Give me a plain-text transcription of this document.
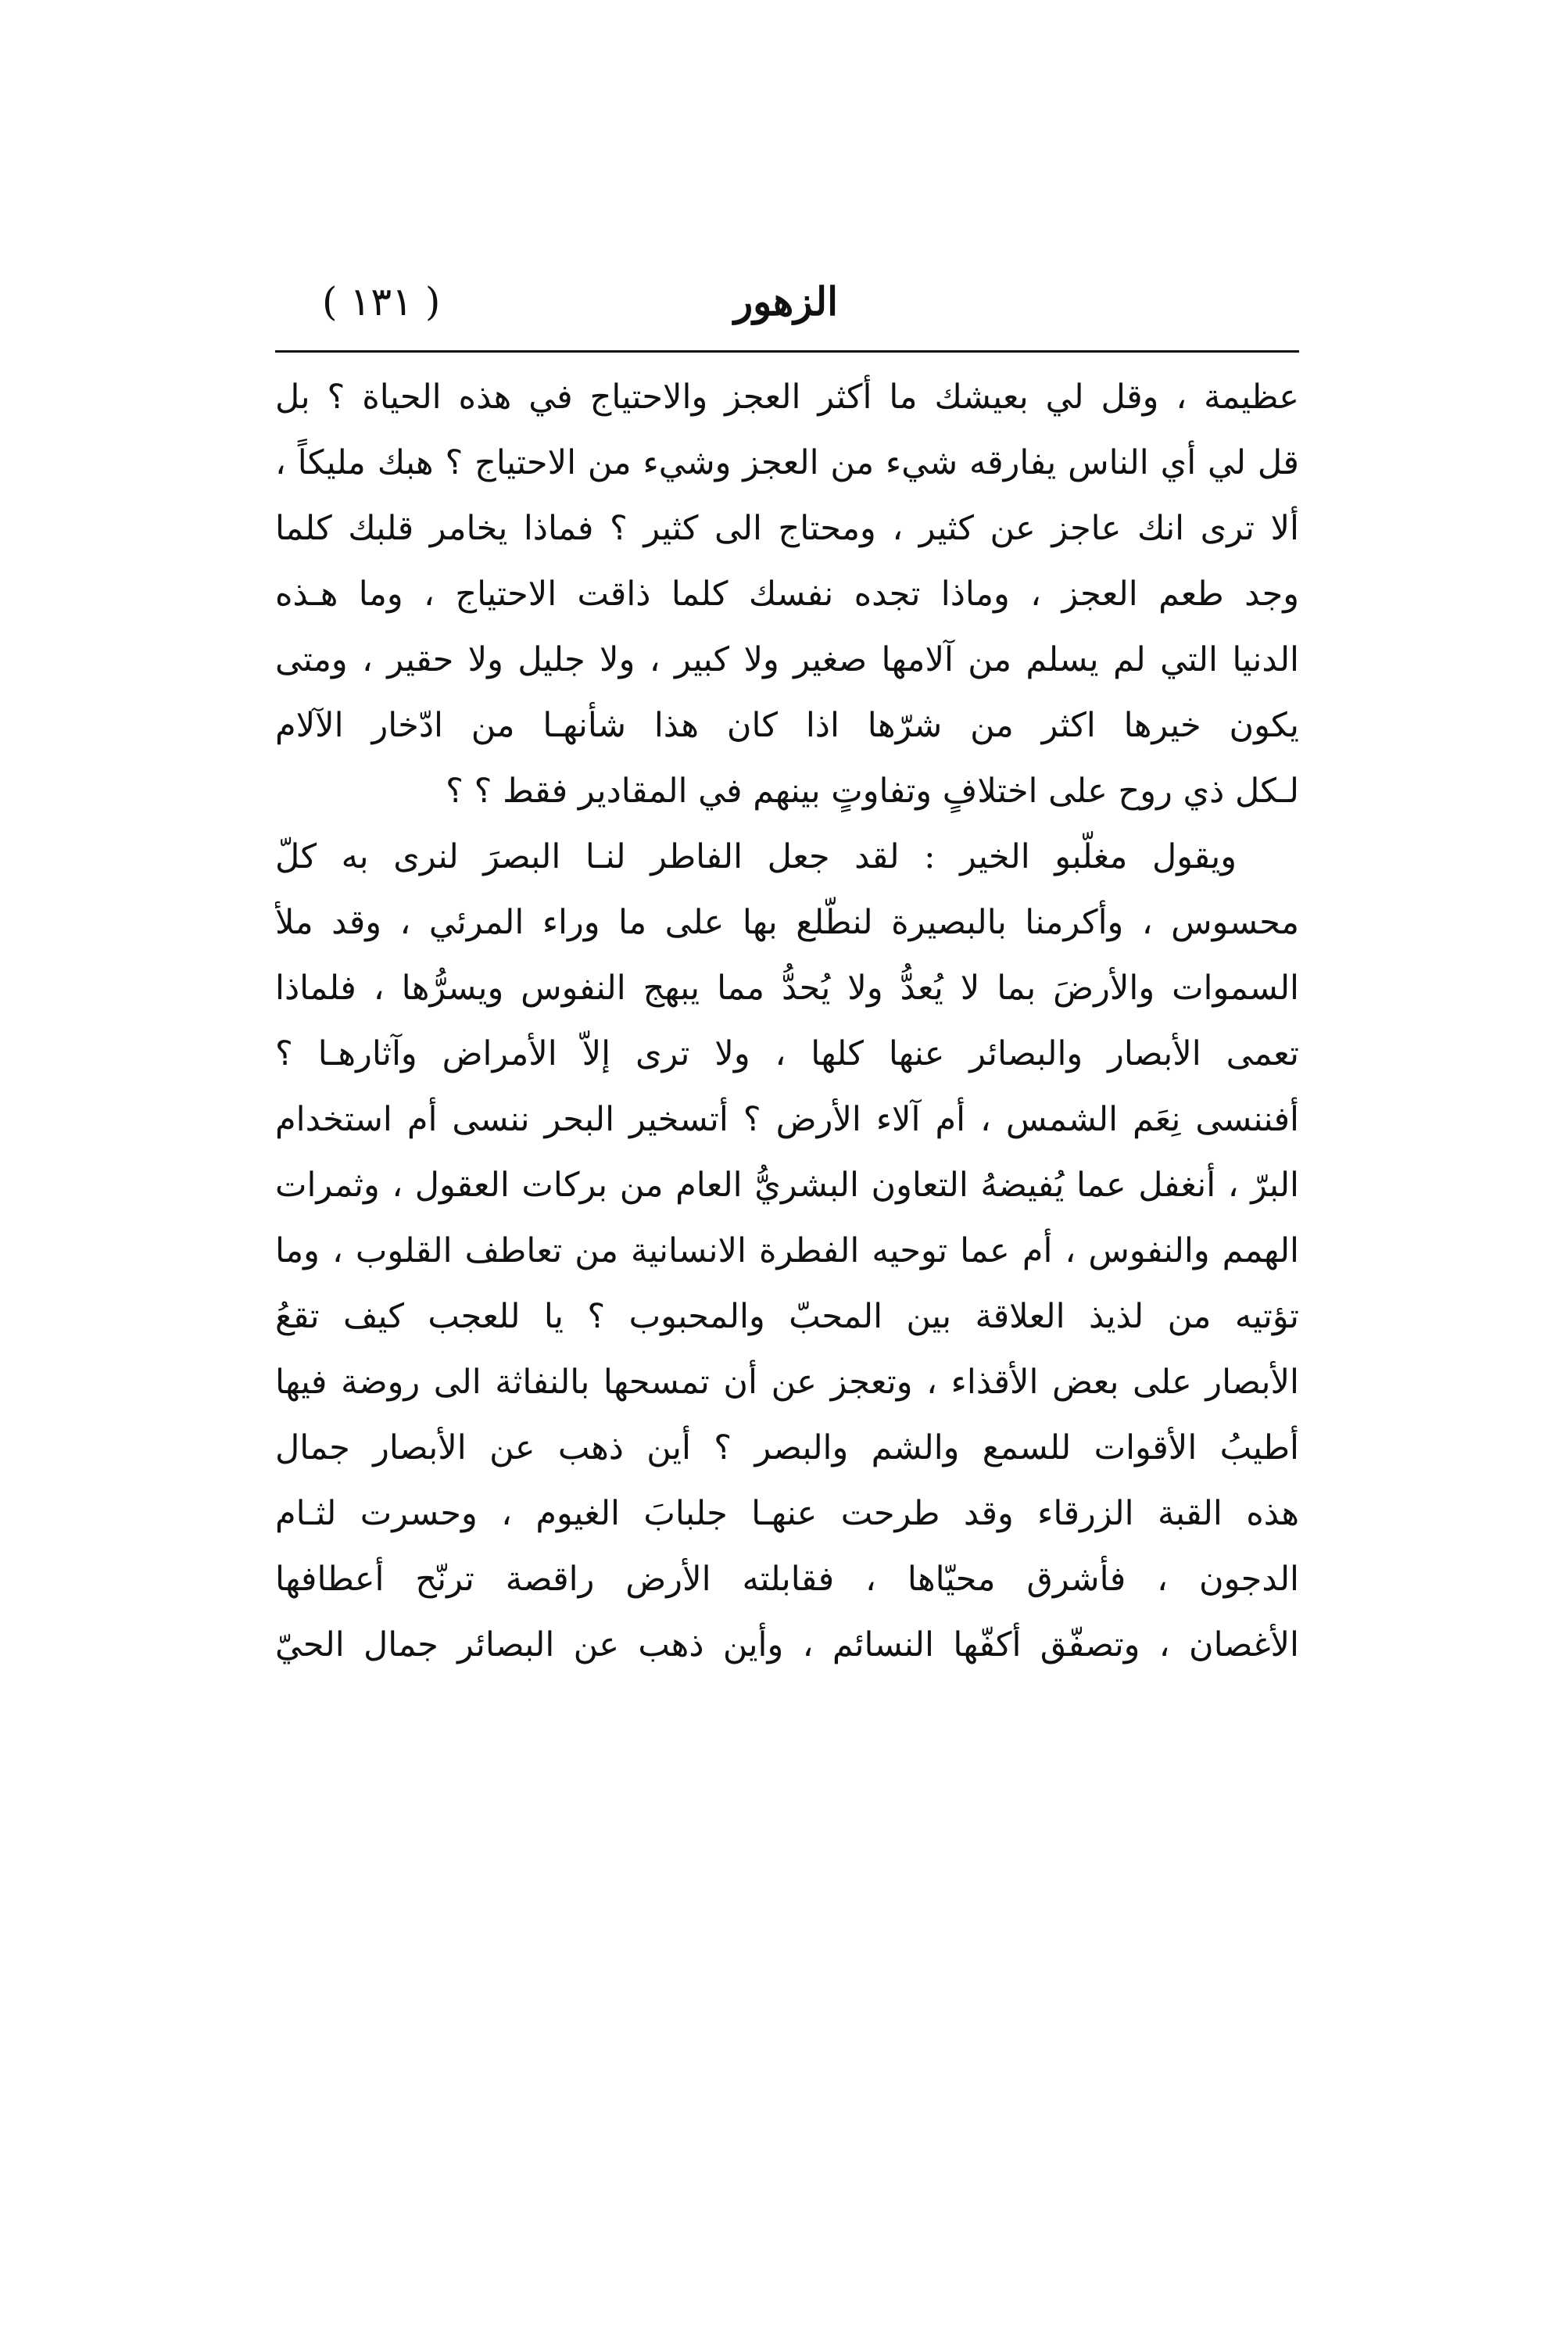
الزهور
( ١٣١ )
عظيمة ، وقل لي بعيشك ما أكثر العجز والاحتياج في هذه الحياة ؟ بل
قل لي أي الناس يفارقه شيء من العجز وشيء من الاحتياج ؟ هبك مليكاً ،
ألا ترى انك عاجز عن كثير ، ومحتاج الى كثير ؟ فماذا يخامر قلبك كلما
وجد طعم العجز ، وماذا تجده نفسك كلما ذاقت الاحتياج ، وما هـذه
الدنيا التي لم يسلم من آلامها صغير ولا كبير ، ولا جليل ولا حقير ، ومتى
يكون خيرها اكثر من شرّها اذا كان هذا شأنهـا من ادّخار الآلام
لـكل ذي روح على اختلافٍ وتفاوتٍ بينهم في المقادير فقط ؟ ؟
ويقول مغلّبو الخير : لقد جعل الفاطر لنـا البصرَ لنرى به كلّ
محسوس ، وأكرمنا بالبصيرة لنطّلع بها على ما وراء المرئي ، وقد ملأ
السموات والأرضَ بما لا يُعدُّ ولا يُحدُّ مما يبهج النفوس ويسرُّها ، فلماذا
تعمى الأبصار والبصائر عنها كلها ، ولا ترى إلاّ الأمراض وآثارهـا ؟
أفننسى نِعَم الشمس ، أم آلاء الأرض ؟ أتسخير البحر ننسى أم استخدام
البرّ ، أنغفل عما يُفيضهُ التعاون البشريُّ العام من بركات العقول ، وثمرات
الهمم والنفوس ، أم عما توحيه الفطرة الانسانية من تعاطف القلوب ، وما
تؤتيه من لذيذ العلاقة بين المحبّ والمحبوب ؟ يا للعجب كيف تقعُ
الأبصار على بعض الأقذاء ، وتعجز عن أن تمسحها بالنفاثة الى روضة فيها
أطيبُ الأقوات للسمع والشم والبصر ؟ أين ذهب عن الأبصار جمال
هذه القبة الزرقاء وقد طرحت عنهـا جلبابَ الغيوم ، وحسرت لثـام
الدجون ، فأشرق محيّاها ، فقابلته الأرض راقصة ترنّح أعطافها
الأغصان ، وتصفّق أكفّها النسائم ، وأين ذهب عن البصائر جمال الحيّ
